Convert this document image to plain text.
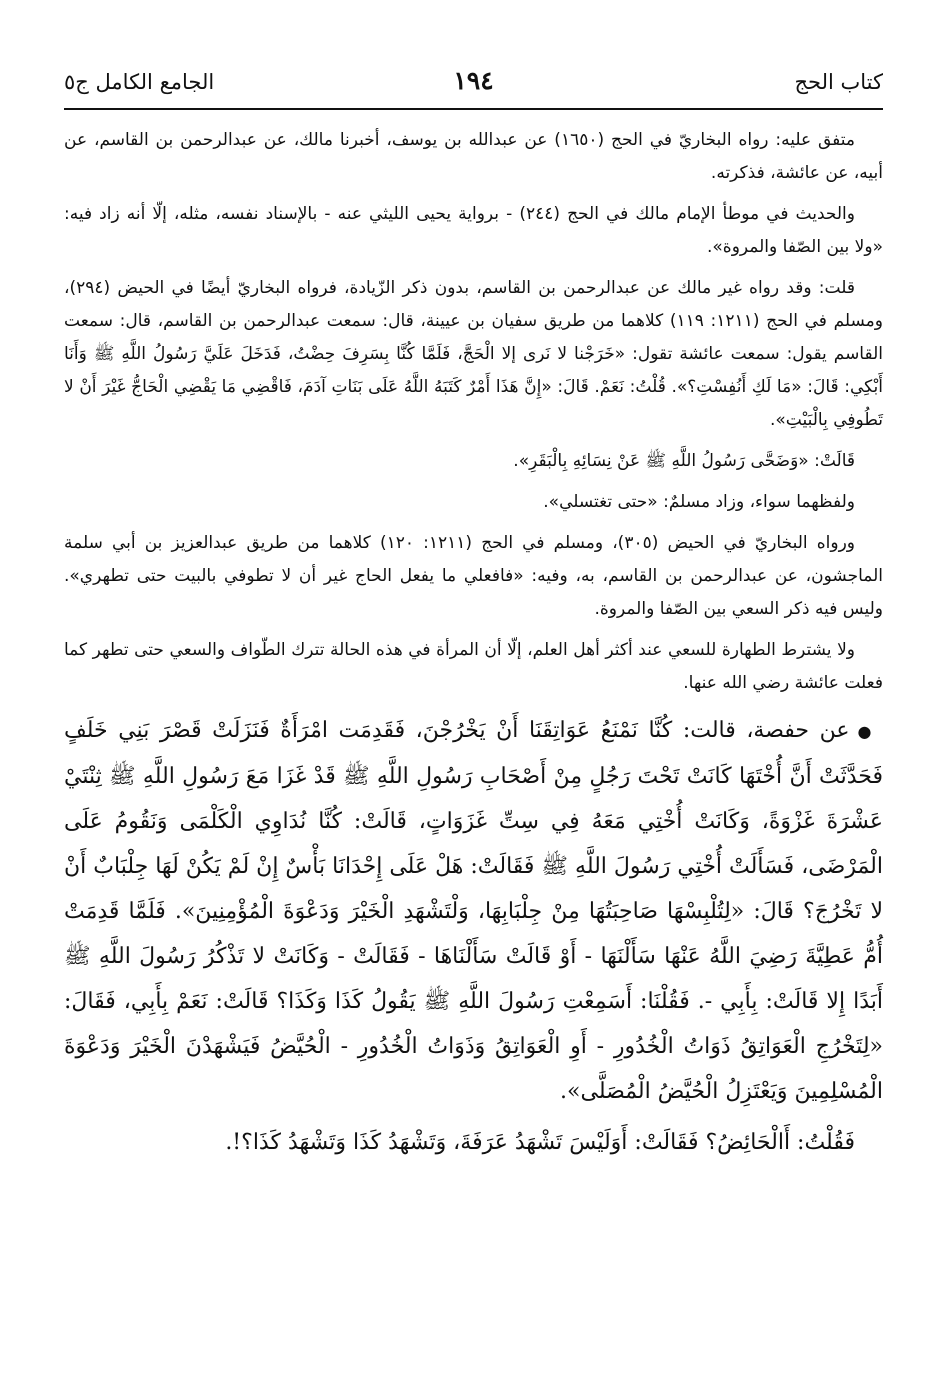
كتاب الحج
١٩٤
الجامع الكامل ج٥

متفق عليه: رواه البخاريّ في الحج (١٦٥٠) عن عبدالله بن يوسف، أخبرنا مالك، عن عبدالرحمن بن القاسم، عن أبيه، عن عائشة، فذكرته.

والحديث في موطأ الإمام مالك في الحج (٢٤٤) - برواية يحيى الليثي عنه - بالإسناد نفسه، مثله، إلّا أنه زاد فيه: «ولا بين الصّفا والمروة».

قلت: وقد رواه غير مالك عن عبدالرحمن بن القاسم، بدون ذكر الزّيادة، فرواه البخاريّ أيضًا في الحيض (٢٩٤)، ومسلم في الحج (١٢١١: ١١٩) كلاهما من طريق سفيان بن عيينة، قال: سمعت عبدالرحمن بن القاسم، قال: سمعت القاسم يقول: سمعت عائشة تقول: «خَرَجْنا لا نَرى إلا الْحَجَّ، فَلَمَّا كُنَّا بِسَرِفَ حِضْتُ، فَدَخَلَ عَلَيَّ رَسُولُ اللَّهِ ﷺ وَأَنَا أَبْكِي: قَالَ: «مَا لَكِ أَنُفِسْتِ؟». قُلْتُ: نَعَمْ. قَالَ: «إِنَّ هَذَا أَمْرٌ كَتَبَهُ اللَّهُ عَلَى بَنَاتِ آدَمَ، فَاقْضِي مَا يَقْضِي الْحَاجُّ غَيْرَ أَنْ لا تَطُوفِي بِالْبَيْتِ».

قَالَتْ: «وَضَحَّى رَسُولُ اللَّهِ ﷺ عَنْ نِسَائِهِ بِالْبَقَرِ».

ولفظهما سواء، وزاد مسلمٌ: «حتى تغتسلي».

ورواه البخاريّ في الحيض (٣٠٥)، ومسلم في الحج (١٢١١: ١٢٠) كلاهما من طريق عبدالعزيز بن أبي سلمة الماجشون، عن عبدالرحمن بن القاسم، به، وفيه: «فافعلي ما يفعل الحاج غير أن لا تطوفي بالبيت حتى تطهري». وليس فيه ذكر السعي بين الصّفا والمروة.

ولا يشترط الطهارة للسعي عند أكثر أهل العلم، إلّا أن المرأة في هذه الحالة تترك الطّواف والسعي حتى تطهر كما فعلت عائشة رضي الله عنها.

●عن حفصة، قالت: كُنَّا نَمْنَعُ عَوَاتِقَنَا أَنْ يَخْرُجْنَ، فَقَدِمَت امْرَأَةٌ فَنَزَلَتْ قَصْرَ بَنِي خَلَفٍ فَحَدَّثَتْ أَنَّ أُخْتَهَا كَانَتْ تَحْتَ رَجُلٍ مِنْ أَصْحَابِ رَسُولِ اللَّهِ ﷺ قَدْ غَزَا مَعَ رَسُولِ اللَّهِ ﷺ ثِنْتَيْ عَشْرَةَ غَزْوَةً، وَكَانَتْ أُخْتِي مَعَهُ فِي سِتِّ غَزَوَاتٍ، قَالَتْ: كُنَّا نُدَاوِي الْكَلْمَى وَنَقُومُ عَلَى الْمَرْضَى، فَسَأَلَتْ أُخْتِي رَسُولَ اللَّهِ ﷺ فَقَالَتْ: هَلْ عَلَى إِحْدَانَا بَأْسٌ إِنْ لَمْ يَكُنْ لَهَا جِلْبَابٌ أَنْ لا تَخْرُجَ؟ قَالَ: «لِتُلْبِسْهَا صَاحِبَتُهَا مِنْ جِلْبَابِهَا، وَلْتَشْهَدِ الْخَيْرَ وَدَعْوَةَ الْمُؤْمِنِينَ». فَلَمَّا قَدِمَتْ أُمُّ عَطِيَّةَ رَضِيَ اللَّهُ عَنْهَا سَأَلْنَهَا - أَوْ قَالَتْ سَأَلْنَاهَا - فَقَالَتْ - وَكَانَتْ لا تَذْكُرُ رَسُولَ اللَّهِ ﷺ أَبَدًا إِلا قَالَتْ: بِأَبِي -. فَقُلْنَا: أَسَمِعْتِ رَسُولَ اللَّهِ ﷺ يَقُولُ كَذَا وَكَذَا؟ قَالَتْ: نَعَمْ بِأَبِي، فَقَالَ: «لِتَخْرُجِ الْعَوَاتِقُ ذَوَاتُ الْخُدُورِ - أَوِ الْعَوَاتِقُ وَذَوَاتُ الْخُدُورِ - الْحُيَّضُ فَيَشْهَدْنَ الْخَيْرَ وَدَعْوَةَ الْمُسْلِمِينَ وَيَعْتَزِلُ الْحُيَّضُ الْمُصَلَّى».

فَقُلْتُ: أَالْحَائِضُ؟ فَقَالَتْ: أَوَلَيْسَ تَشْهَدُ عَرَفَةَ، وَتَشْهَدُ كَذَا وَتَشْهَدُ كَذَا؟!.
